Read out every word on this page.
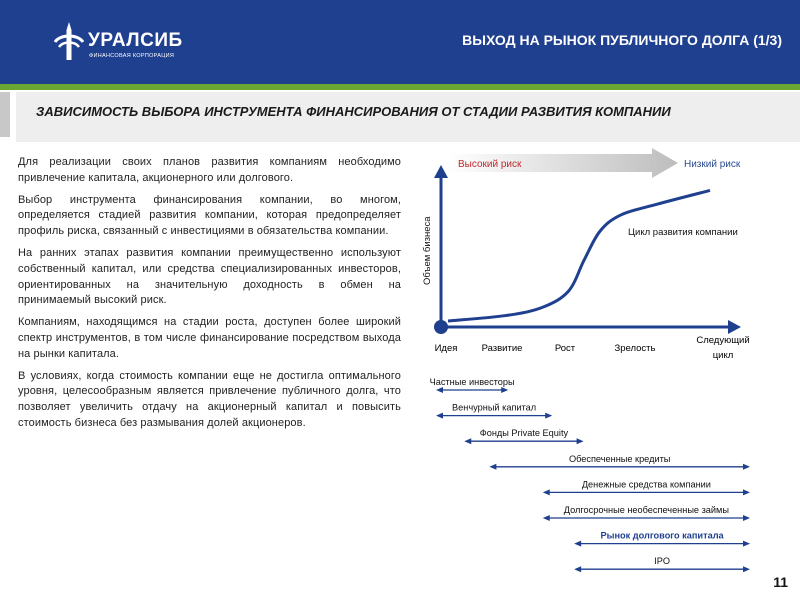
УРАЛСИБ
ФИНАНСОВАЯ КОРПОРАЦИЯ
ВЫХОД НА РЫНОК ПУБЛИЧНОГО ДОЛГА (1/3)
ЗАВИСИМОСТЬ ВЫБОРА ИНСТРУМЕНТА ФИНАНСИРОВАНИЯ ОТ СТАДИИ РАЗВИТИЯ КОМПАНИИ

Для реализации своих планов развития компаниям необходимо привлечение капитала, акционерного или долгового.

Выбор инструмента финансирования компании, во многом, определяется стадией развития компании, которая предопределяет профиль риска, связанный с инвестициями в обязательства компании.

На ранних этапах развития компании преимущественно используют собственный капитал, или средства специализированных инвесторов, ориентированных на значительную доходность в обмен на принимаемый высокий риск.

Компаниям, находящимся на стадии роста, доступен более широкий спектр инструментов, в том числе финансирование посредством выхода на рынки капитала.

В условиях, когда стоимость компании еще не достигла оптимального уровня, целесообразным является привлечение публичного долга, что позволяет увеличить отдачу на акционерный капитал и повысить стоимость бизнеса без размывания долей акционеров.

Высокий риск	Низкий риск
Объем бизнеса	Цикл развития компании
Идея	Развитие	Рост	Зрелость
Следующий
цикл
Частные инвесторы
Венчурный капитал
Фонды Private Equity
Обеспеченные кредиты
Денежные средства компании
Долгосрочные необеспеченные займы
Рынок долгового капитала
IPO
11
